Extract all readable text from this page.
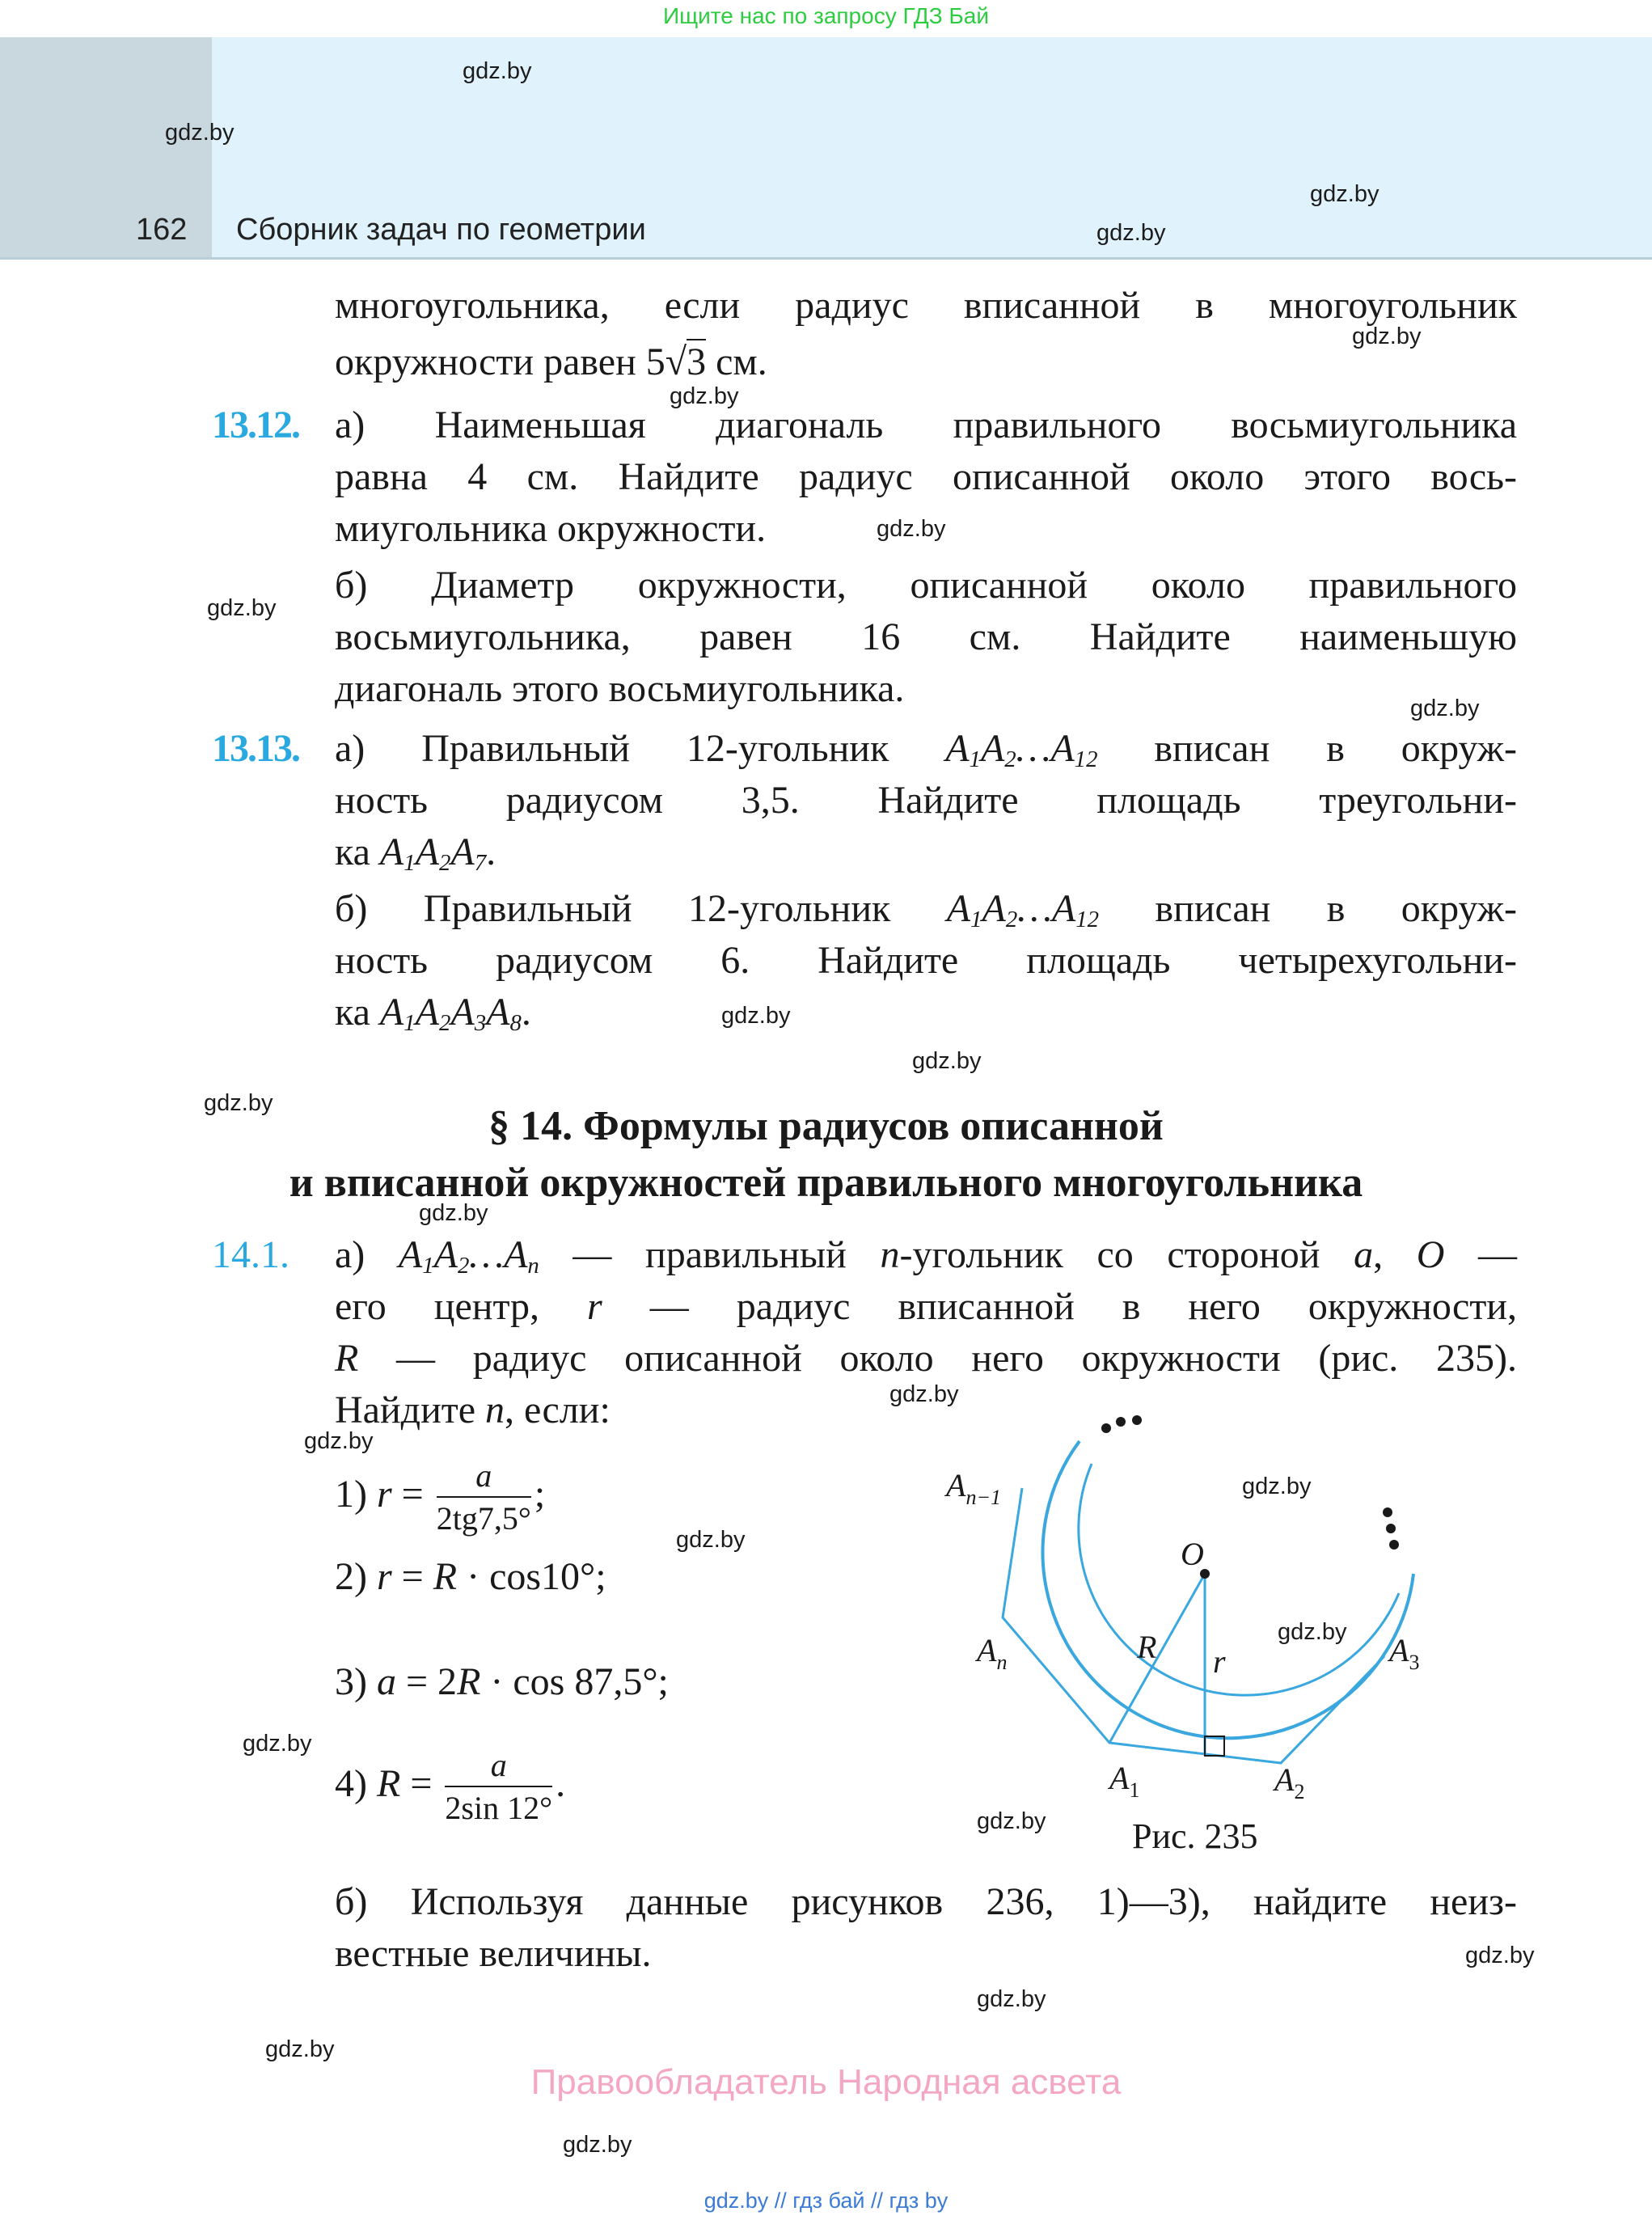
Ищите нас по запросу ГДЗ Бай
162 Сборник задач по геометрии
многоугольника, если радиус вписанной в многоугольник
окружности равен 5√3 см.
13.12. а) Наименьшая диагональ правильного восьмиугольника
равна 4 см. Найдите радиус описанной около этого вось-
миугольника окружности.
б) Диаметр окружности, описанной около правильного
восьмиугольника, равен 16 см. Найдите наименьшую
диагональ этого восьмиугольника.
13.13. а) Правильный 12-угольник $A_1A_2\dots A_{12}$ вписан в окруж-
ность радиусом 3,5. Найдите площадь треугольни-
ка $A_1A_2A_7$.
б) Правильный 12-угольник $A_1A_2\dots A_{12}$ вписан в окруж-
ность радиусом 6. Найдите площадь четырехугольни-
ка $A_1A_2A_3A_8$.
§ 14. Формулы радиусов описанной
и вписанной окружностей правильного многоугольника
14.1. а) $A_1A_2\dots A_n$ — правильный n-угольник со стороной a, O —
его центр, r — радиус вписанной в него окружности,
R — радиус описанной около него окружности (рис. 235).
Найдите n, если:
1) $r = \frac{a}{2tg7,5^\circ}$ ;
2) r = R · cos10°;
3) a = 2R · cos 87,5°;
4) $R = \frac{a}{2\sin 12^\circ}$ .
O
R r
$A_1$	$A_2$
$A_3$
$A_n$
$A_{n-1}$
Рис. 235
б) Используя данные рисунков 236, 1)—3), найдите неиз-
вестные величины.
gdz.by
gdz.by
gdz.by
gdz.by
gdz.by
gdz.by
gdz.by
gdz.by
gdz.by
gdz.by
gdz.by
gdz.by
gdz.by
gdz.by
gdz.by
gdz.by
gdz.by
gdz.by
gdz.by
gdz.by
gdz.by
gdz.by
gdz.by
gdz.by
Правообладатель Народная асвета
gdz.by // гдз бай // гдз by
